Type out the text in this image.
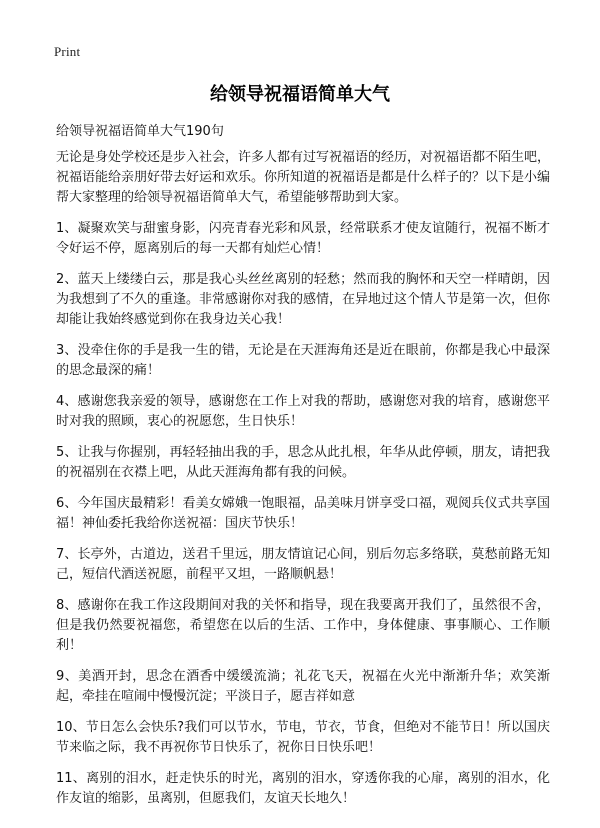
Print
给领导祝福语简单大气

给领导祝福语简单大气190句

无论是身处学校还是步入社会，许多人都有过写祝福语的经历，对祝福语都不陌生吧，祝福语能给亲朋好带去好运和欢乐。你所知道的祝福语是都是什么样子的？以下是小编帮大家整理的给领导祝福语简单大气，希望能够帮助到大家。

1、凝聚欢笑与甜蜜身影，闪亮青春光彩和风景，经常联系才使友谊随行，祝福不断才令好运不停，愿离别后的每一天都有灿烂心情！

2、蓝天上缕缕白云，那是我心头丝丝离别的轻愁；然而我的胸怀和天空一样晴朗，因为我想到了不久的重逢。非常感谢你对我的感情，在异地过这个情人节是第一次，但你却能让我始终感觉到你在我身边关心我！

3、没牵住你的手是我一生的错，无论是在天涯海角还是近在眼前，你都是我心中最深的思念最深的痛！

4、感谢您我亲爱的领导，感谢您在工作上对我的帮助，感谢您对我的培育，感谢您平时对我的照顾，衷心的祝愿您，生日快乐！

5、让我与你握别，再轻轻抽出我的手，思念从此扎根，年华从此停顿，朋友，请把我的祝福别在衣襟上吧，从此天涯海角都有我的问候。

6、今年国庆最精彩！看美女嫦娥一饱眼福，品美味月饼享受口福，观阅兵仪式共享国福！神仙委托我给你送祝福：国庆节快乐！

7、长亭外，古道边，送君千里远，朋友情谊记心间，别后勿忘多络联，莫愁前路无知己，短信代酒送祝愿，前程平又坦，一路顺帆悬！

8、感谢你在我工作这段期间对我的关怀和指导，现在我要离开我们了，虽然很不舍，但是我仍然要祝福您，希望您在以后的生活、工作中，身体健康、事事顺心、工作顺利！

9、美酒开封，思念在酒香中缓缓流淌；礼花飞天，祝福在火光中渐渐升华；欢笑渐起，牵挂在喧闹中慢慢沉淀；平淡日子，愿吉祥如意

10、节日怎么会快乐?我们可以节水，节电，节衣，节食，但绝对不能节日！所以国庆节来临之际，我不再祝你节日快乐了，祝你日日快乐吧！

11、离别的泪水，赶走快乐的时光，离别的泪水，穿透你我的心扉，离别的泪水，化作友谊的缩影，虽离别，但愿我们，友谊天长地久！
